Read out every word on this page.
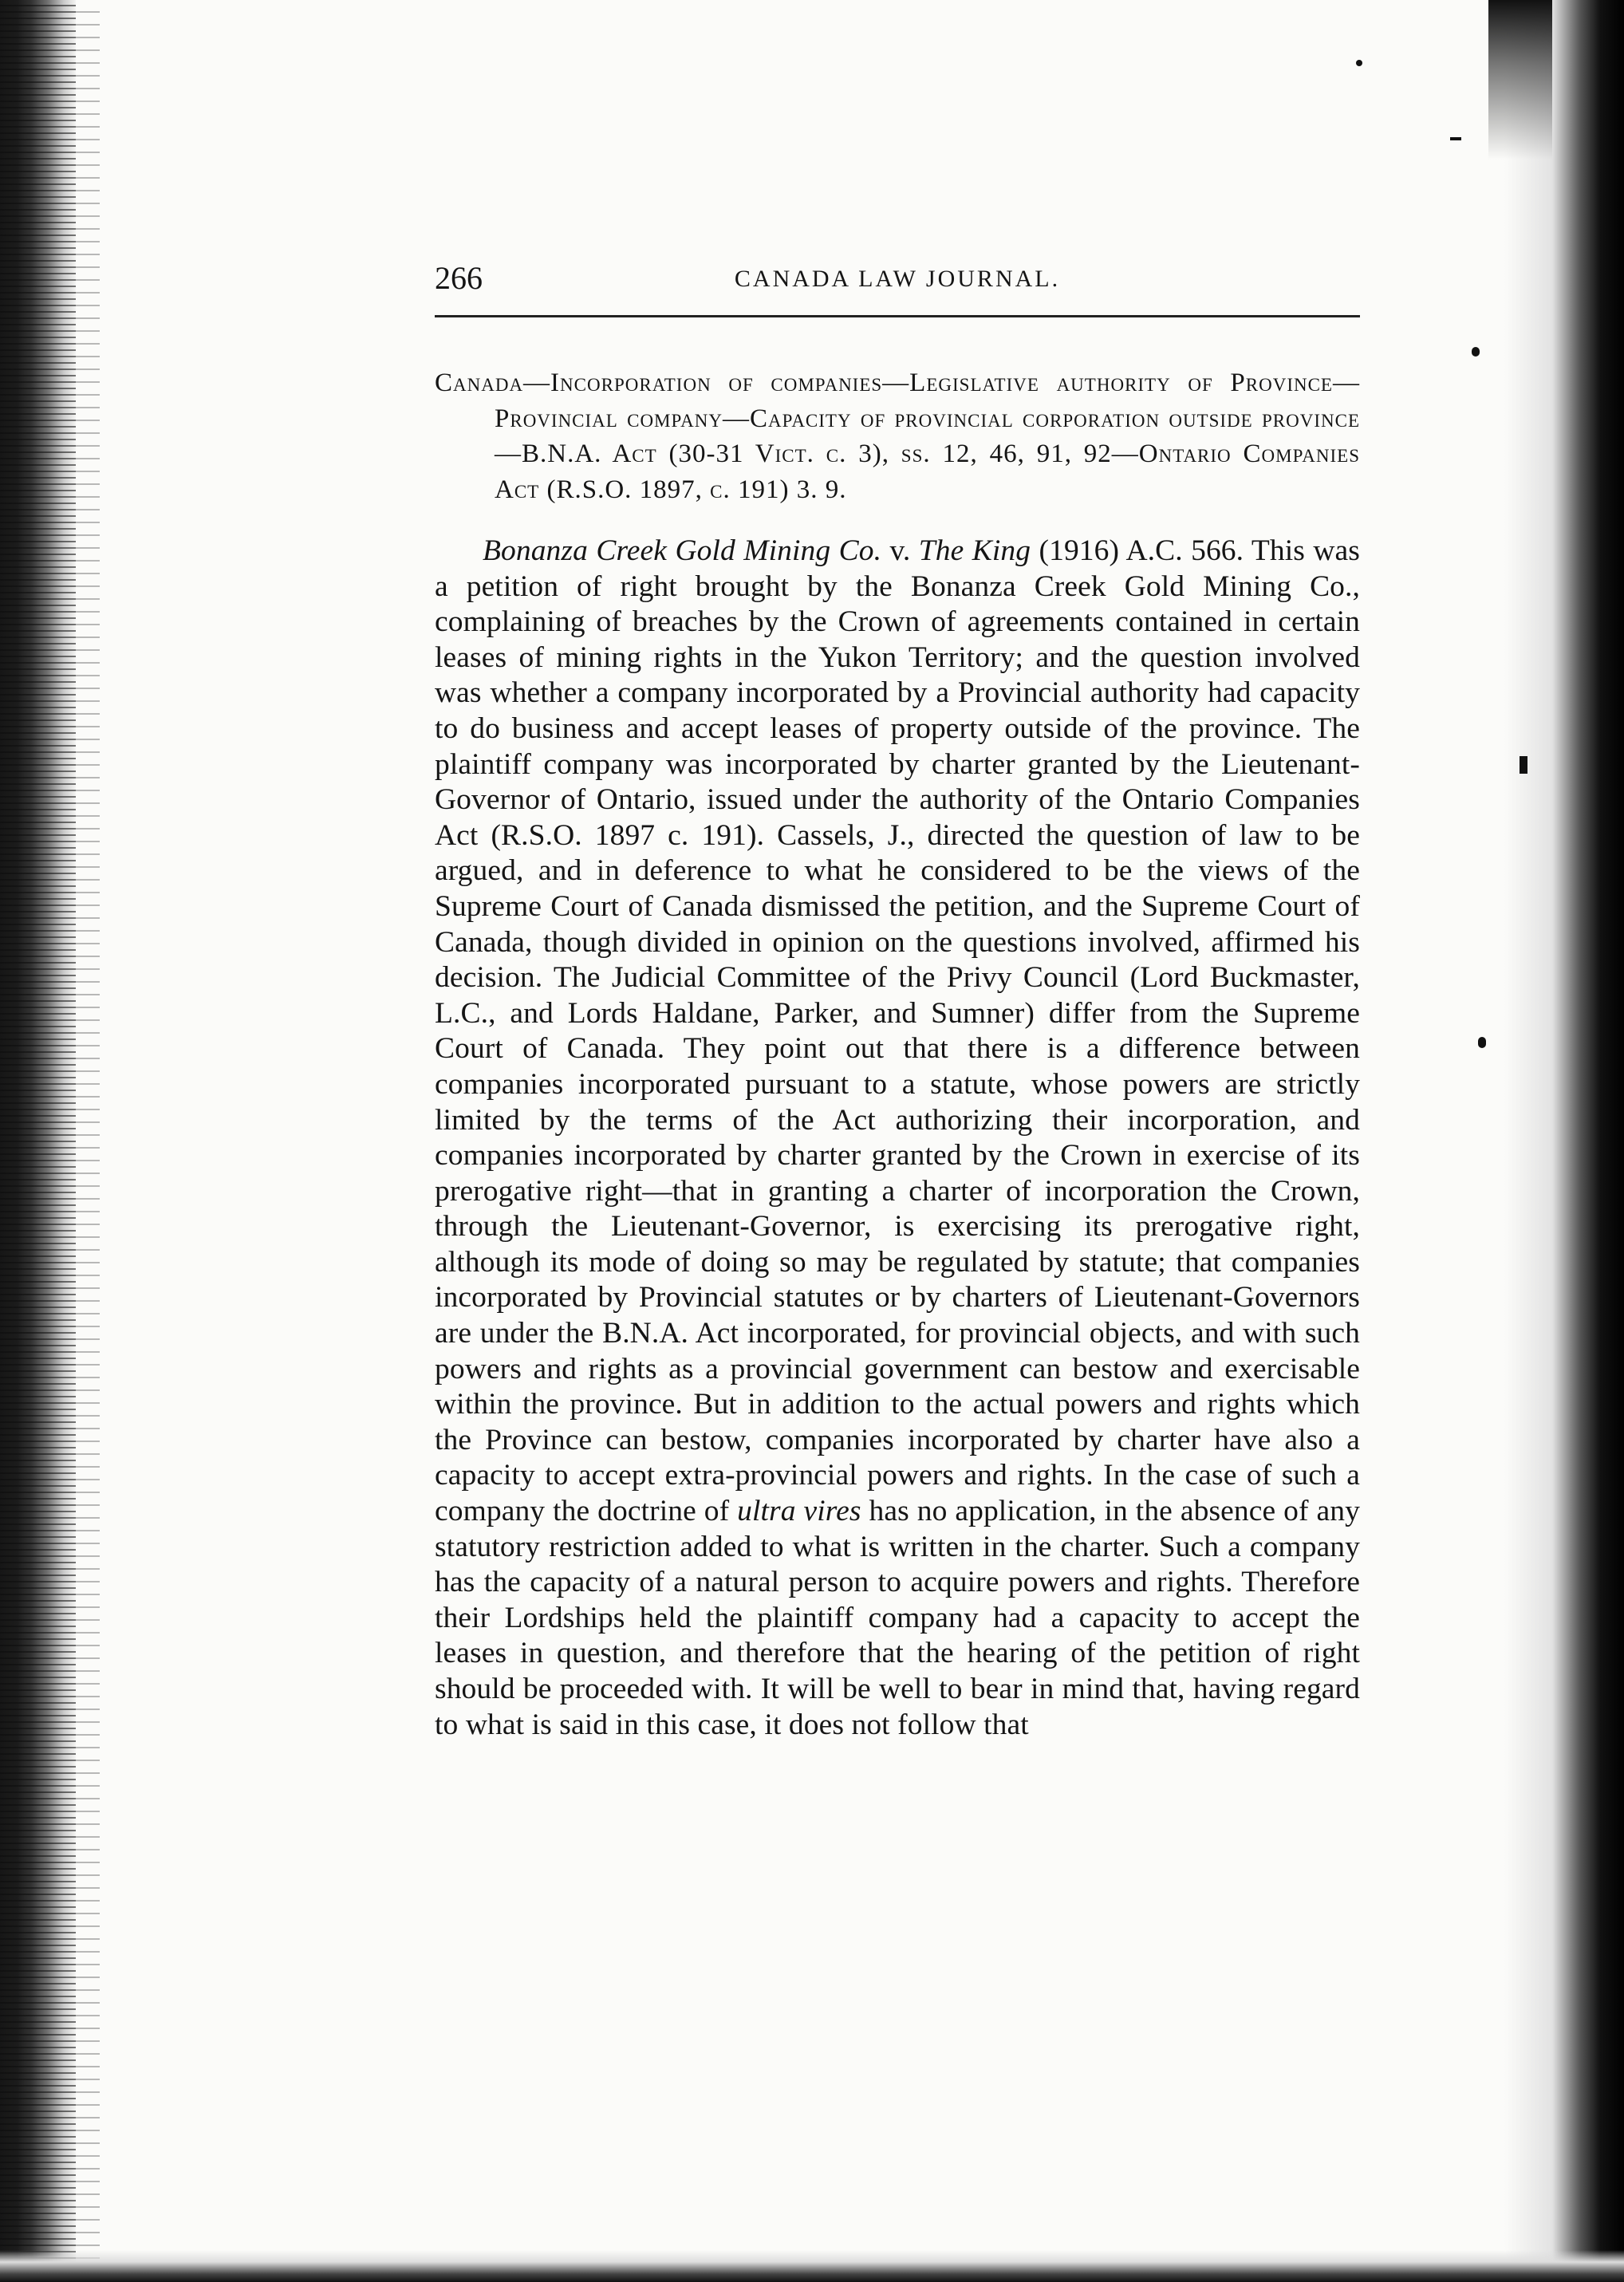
266	CANADA LAW JOURNAL.

Canada—Incorporation of companies—Legislative authority of Province—Provincial company—Capacity of provincial corporation outside province—B.N.A. Act (30-31 Vict. c. 3), ss. 12, 46, 91, 92—Ontario Companies Act (R.S.O. 1897, c. 191) 3. 9.

Bonanza Creek Gold Mining Co. v. The King (1916) A.C. 566. This was a petition of right brought by the Bonanza Creek Gold Mining Co., complaining of breaches by the Crown of agreements contained in certain leases of mining rights in the Yukon Territory; and the question involved was whether a company incorporated by a Provincial authority had capacity to do business and accept leases of property outside of the province. The plaintiff company was incorporated by charter granted by the Lieutenant-Governor of Ontario, issued under the authority of the Ontario Companies Act (R.S.O. 1897 c. 191). Cassels, J., directed the question of law to be argued, and in deference to what he considered to be the views of the Supreme Court of Canada dismissed the petition, and the Supreme Court of Canada, though divided in opinion on the questions involved, affirmed his decision. The Judicial Committee of the Privy Council (Lord Buckmaster, L.C., and Lords Haldane, Parker, and Sumner) differ from the Supreme Court of Canada. They point out that there is a difference between companies incorporated pursuant to a statute, whose powers are strictly limited by the terms of the Act authorizing their incorporation, and companies incorporated by charter granted by the Crown in exercise of its prerogative right—that in granting a charter of incorporation the Crown, through the Lieutenant-Governor, is exercising its prerogative right, although its mode of doing so may be regulated by statute; that companies incorporated by Provincial statutes or by charters of Lieutenant-Governors are under the B.N.A. Act incorporated, for provincial objects, and with such powers and rights as a provincial government can bestow and exercisable within the province. But in addition to the actual powers and rights which the Province can bestow, companies incorporated by charter have also a capacity to accept extra-provincial powers and rights. In the case of such a company the doctrine of ultra vires has no application, in the absence of any statutory restriction added to what is written in the charter. Such a company has the capacity of a natural person to acquire powers and rights. Therefore their Lordships held the plaintiff company had a capacity to accept the leases in question, and therefore that the hearing of the petition of right should be proceeded with. It will be well to bear in mind that, having regard to what is said in this case, it does not follow that
